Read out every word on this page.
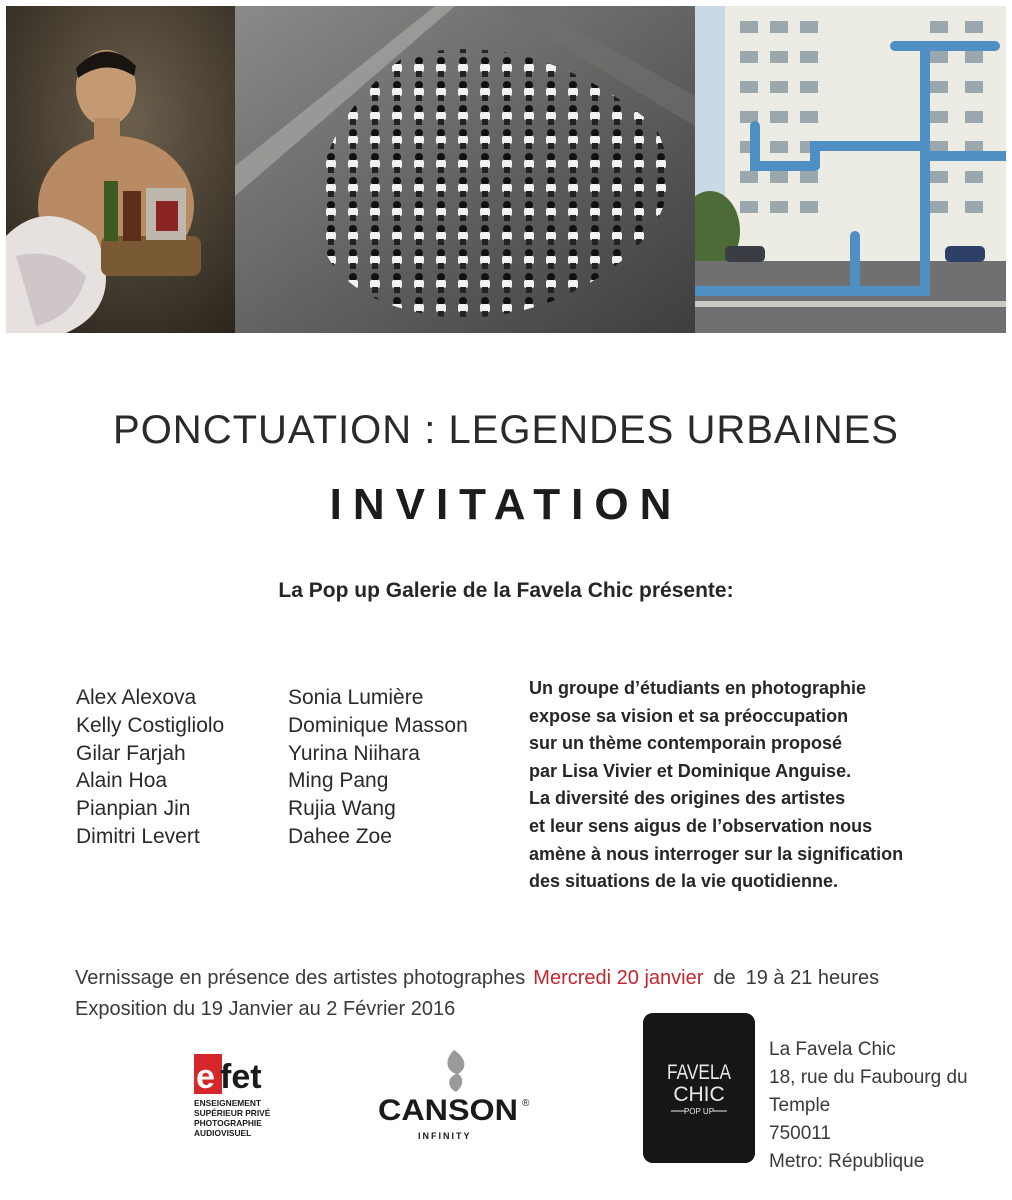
PONCTUATION : LEGENDES URBAINES
INVITATION
La Pop up Galerie de la Favela Chic présente:
Alex Alexova
Kelly Costigliolo
Gilar Farjah
Alain Hoa
Pianpian Jin
Dimitri Levert
Sonia Lumière
Dominique Masson
Yurina Niihara
Ming Pang
Rujia Wang
Dahee Zoe
Un groupe d’étudiants en photographie
expose sa vision et sa préoccupation
sur un thème contemporain proposé
par Lisa Vivier et Dominique Anguise.
La diversité des origines des artistes
et leur sens aigus de l’observation nous
amène à nous interroger sur la signification
des situations de la vie quotidienne.
Vernissage en présence des artistes photographes Mercredi 20 janvier de 19 à 21 heures
Exposition du 19 Janvier au 2 Février 2016
e fet
ENSEIGNEMENT
SUPÉRIEUR PRIVÉ
PHOTOGRAPHIE
AUDIOVISUEL
CANSON ®
INFINITY
FAVELA
CHIC
POP UP
La Favela Chic
18, rue du Faubourg du Temple
750011
Metro: République
